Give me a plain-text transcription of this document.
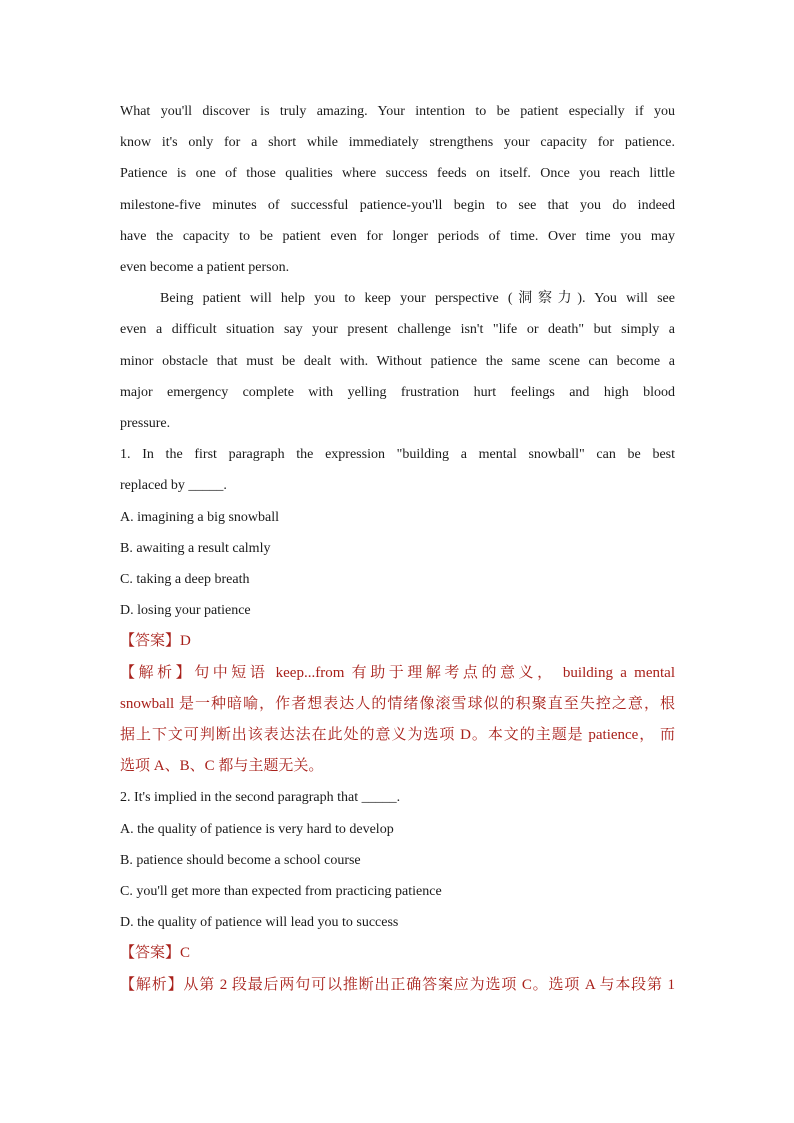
What you'll discover is truly amazing. Your intention to be patient especially if you
know it's only for a short while immediately strengthens your capacity for patience.
Patience is one of those qualities where success feeds on itself. Once you reach little
milestone-five minutes of successful patience-you'll begin to see that you do indeed
have the capacity to be patient even for longer periods of time. Over time you may
even become a patient person.
Being patient will help you to keep your perspective (洞察力). You will see
even a difficult situation say your present challenge isn't "life or death" but simply a
minor obstacle that must be dealt with. Without patience the same scene can become a
major emergency complete with yelling frustration hurt feelings and high blood
pressure.
1. In the first paragraph the expression "building a mental snowball" can be best
replaced by _____.
A. imagining a big snowball
B. awaiting a result calmly
C. taking a deep breath
D. losing your patience
【答案】D
【解析】句中短语 keep...from 有助于理解考点的意义， building a mental
snowball 是一种暗喻，作者想表达人的情绪像滚雪球似的积聚直至失控之意，根
据上下文可判断出该表达法在此处的意义为选项 D。本文的主题是 patience， 而
选项 A、B、C 都与主题无关。
2. It's implied in the second paragraph that _____.
A. the quality of patience is very hard to develop
B. patience should become a school course
C. you'll get more than expected from practicing patience
D. the quality of patience will lead you to success
【答案】C
【解析】从第 2 段最后两句可以推断出正确答案应为选项 C。选项 A 与本段第 1
